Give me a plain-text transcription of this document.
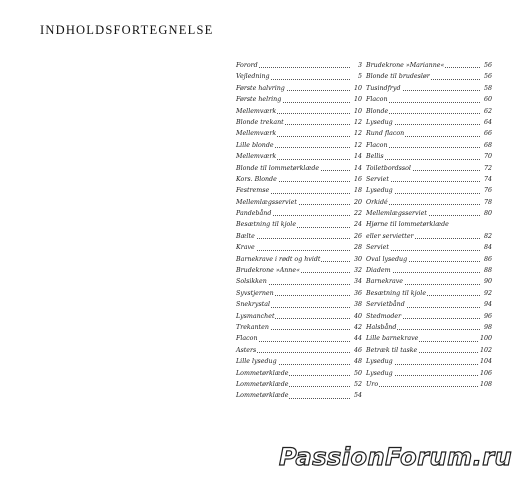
INDHOLDSFORTEGNELSE
Forord	3
Vejledning	5
Første halvring	10
Første helring	10
Mellemværk	10
Blonde trekant	12
Mellemværk	12
Lille blonde	12
Mellemværk	14
Blonde til lommetørklæde	14
Kors. Blonde	16
Festremse	18
Mellemlægsserviet	20
Pandebånd	22
Besætning til kjole	24
Bælte	26
Krave	28
Barnekrave i rødt og hvidt	30
Brudekrone »Anne«	32
Solsikken	34
Syvstjernen	36
Snekrystal	38
Lysmanchet	40
Trekanten	42
Flacon	44
Asters	46
Lille lysedug	48
Lommetørklæde	50
Lommetørklæde	52
Lommetørklæde	54
Brudekrone »Marianne«	56
Blonde til brudeslør	56
Tusindfryd	58
Flacon	60
Blonde	62
Lysedug	64
Rund flacon	66
Flacon	68
Bellis	70
Toiletbordssol	72
Serviet	74
Lysedug	76
Orkidé	78
Mellemlægsserviet	80
Hjørne til lommetørklæde
eller servietter	82
Serviet	84
Oval lysedug	86
Diadem	88
Barnekrave	90
Besætning til kjole	92
Servietbånd	94
Stedmoder	96
Halsbånd	98
Lille barnekrave	100
Betræk til taske	102
Lysedug	104
Lysedug	106
Uro	108
PassionForum.ru
